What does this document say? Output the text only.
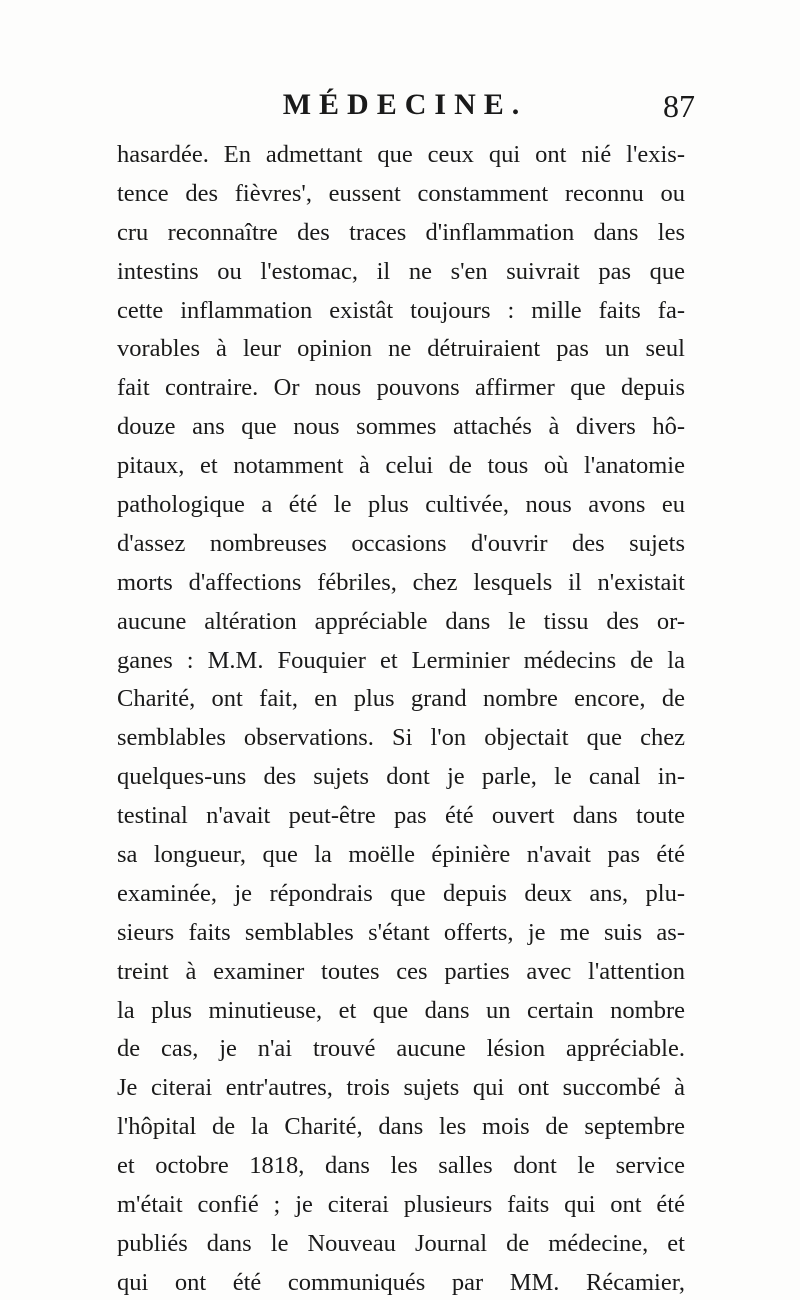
MÉDECINE.	87
hasardée. En admettant que ceux qui ont nié l'exis-
tence des fièvres', eussent constamment reconnu ou
cru reconnaître des traces d'inflammation dans les
intestins ou l'estomac, il ne s'en suivrait pas que
cette inflammation existât toujours : mille faits fa-
vorables à leur opinion ne détruiraient pas un seul
fait contraire. Or nous pouvons affirmer que depuis
douze ans que nous sommes attachés à divers hô-
pitaux, et notamment à celui de tous où l'anatomie
pathologique a été le plus cultivée, nous avons eu
d'assez nombreuses occasions d'ouvrir des sujets
morts d'affections fébriles, chez lesquels il n'existait
aucune altération appréciable dans le tissu des or-
ganes : M.M. Fouquier et Lerminier médecins de la
Charité, ont fait, en plus grand nombre encore, de
semblables observations. Si l'on objectait que chez
quelques-uns des sujets dont je parle, le canal in-
testinal n'avait peut-être pas été ouvert dans toute
sa longueur, que la moëlle épinière n'avait pas été
examinée, je répondrais que depuis deux ans, plu-
sieurs faits semblables s'étant offerts, je me suis as-
treint à examiner toutes ces parties avec l'attention
la plus minutieuse, et que dans un certain nombre
de cas, je n'ai trouvé aucune lésion appréciable.
Je citerai entr'autres, trois sujets qui ont succombé à
l'hôpital de la Charité, dans les mois de septembre
et octobre 1818, dans les salles dont le service
m'était confié ; je citerai plusieurs faits qui ont été
publiés dans le Nouveau Journal de médecine, et
qui ont été communiqués par MM. Récamier,
